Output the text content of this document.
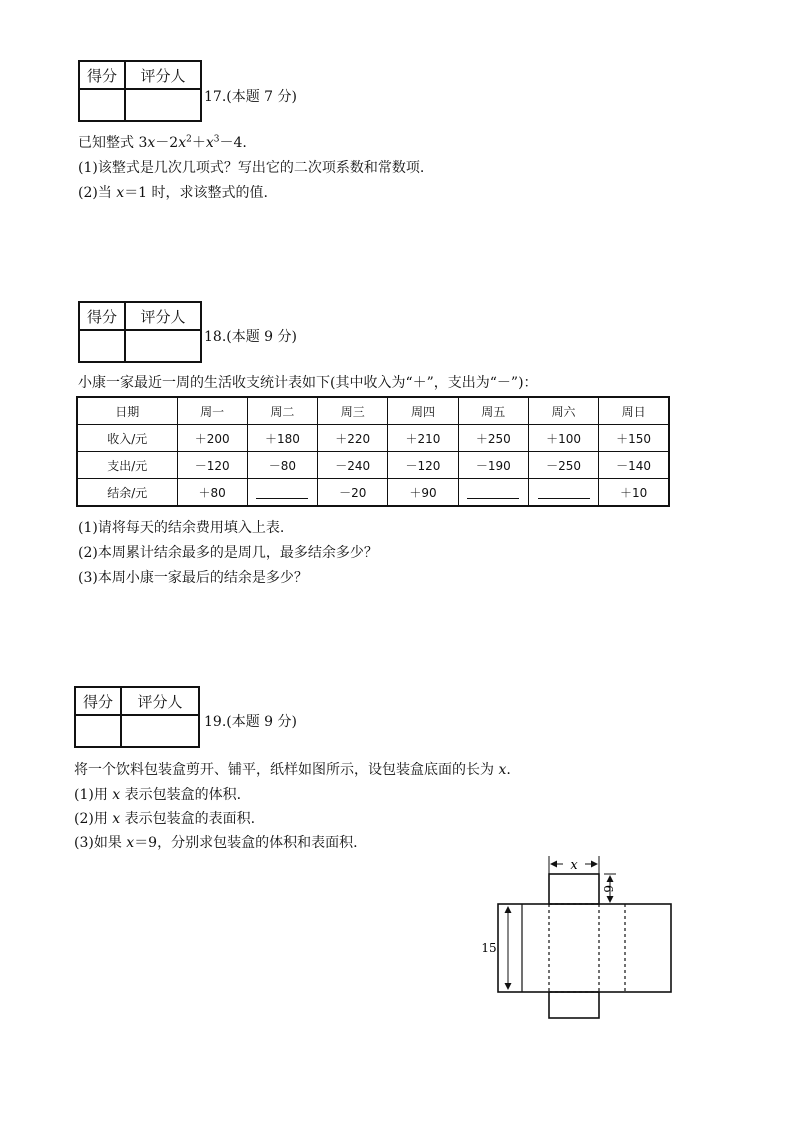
得分	评分人

17.(本题 7 分)
已知整式 $3x-2x^2+x^3-4$.
(1)该整式是几次几项式？写出它的二次项系数和常数项.
(2)当 x＝1 时，求该整式的值.
得分	评分人

18.(本题 9 分)
小康一家最近一周的生活收支统计表如下(其中收入为“＋”，支出为“－”)：
日期	周一	周二	周三	周四	周五	周六	周日
收入/元	＋200	＋180	＋220	＋210	＋250	＋100	＋150
支出/元	－120	－80	－240	－120	－190	－250	－140
结余/元	＋80		－20	＋90			＋10
(1)请将每天的结余费用填入上表.
(2)本周累计结余最多的是周几，最多结余多少？
(3)本周小康一家最后的结余是多少？
得分	评分人

19.(本题 9 分)
将一个饮料包装盒剪开、铺平，纸样如图所示，设包装盒底面的长为 x.
(1)用 x 表示包装盒的体积.
(2)用 x 表示包装盒的表面积.
(3)如果 x＝9，分别求包装盒的体积和表面积.
x
6
15
